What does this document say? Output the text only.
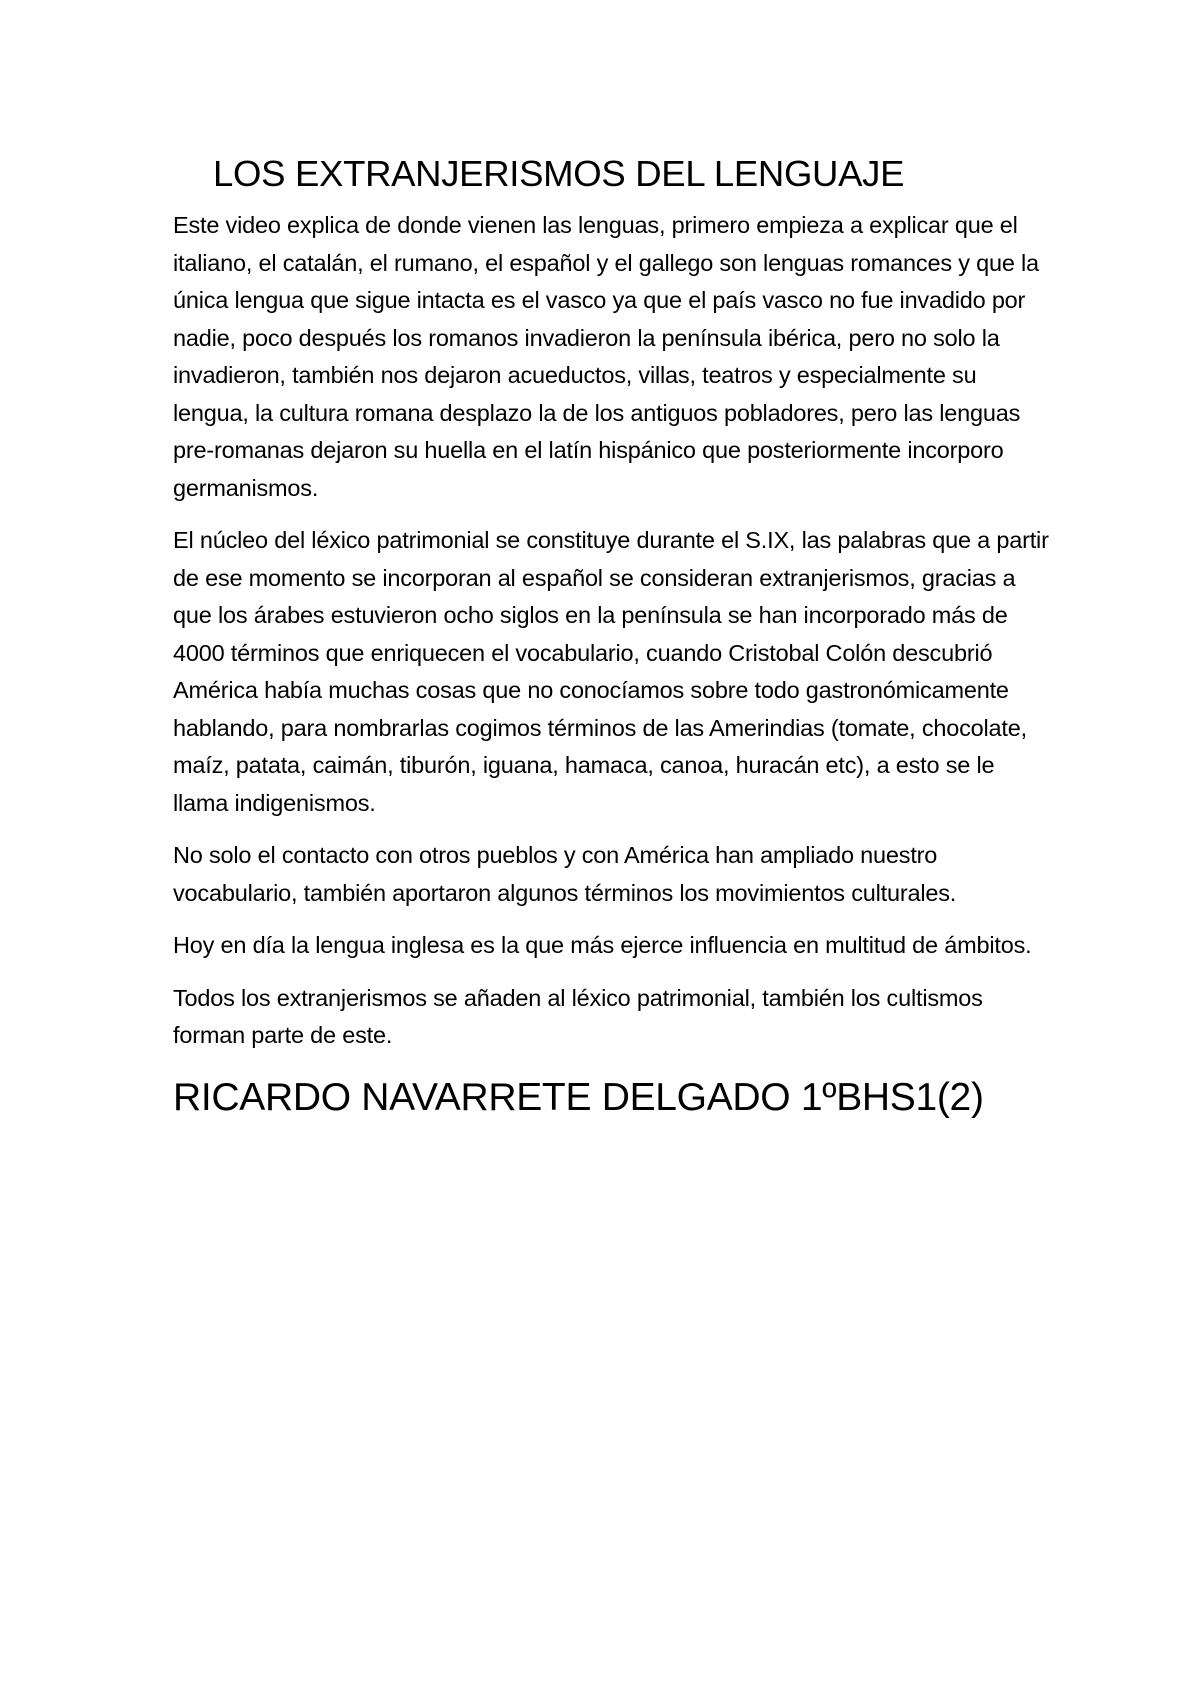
LOS EXTRANJERISMOS DEL LENGUAJE

Este video explica de donde vienen las lenguas, primero empieza a explicar que el italiano, el catalán, el rumano, el español y el gallego son lenguas romances y que la única lengua que sigue intacta es el vasco ya que el país vasco no fue invadido por nadie, poco después los romanos invadieron la península ibérica, pero no solo la invadieron, también nos dejaron acueductos, villas, teatros y especialmente su lengua, la cultura romana desplazo la de los antiguos pobladores, pero las lenguas pre-romanas dejaron su huella en el latín hispánico que posteriormente incorporo germanismos.

El núcleo del léxico patrimonial se constituye durante el S.IX, las palabras que a partir de ese momento se incorporan al español se consideran extranjerismos, gracias a que los árabes estuvieron ocho siglos en la península se han incorporado más de 4000 términos que enriquecen el vocabulario, cuando Cristobal Colón descubrió América había muchas cosas que no conocíamos sobre todo gastronómicamente hablando, para nombrarlas cogimos términos de las Amerindias (tomate, chocolate, maíz, patata, caimán, tiburón, iguana, hamaca, canoa, huracán etc), a esto se le llama indigenismos.

No solo el contacto con otros pueblos y con América han ampliado nuestro vocabulario, también aportaron algunos términos los movimientos culturales.

Hoy en día la lengua inglesa es la que más ejerce influencia en multitud de ámbitos.

Todos los extranjerismos se añaden al léxico patrimonial, también los cultismos forman parte de este.

RICARDO NAVARRETE DELGADO 1ºBHS1(2)
